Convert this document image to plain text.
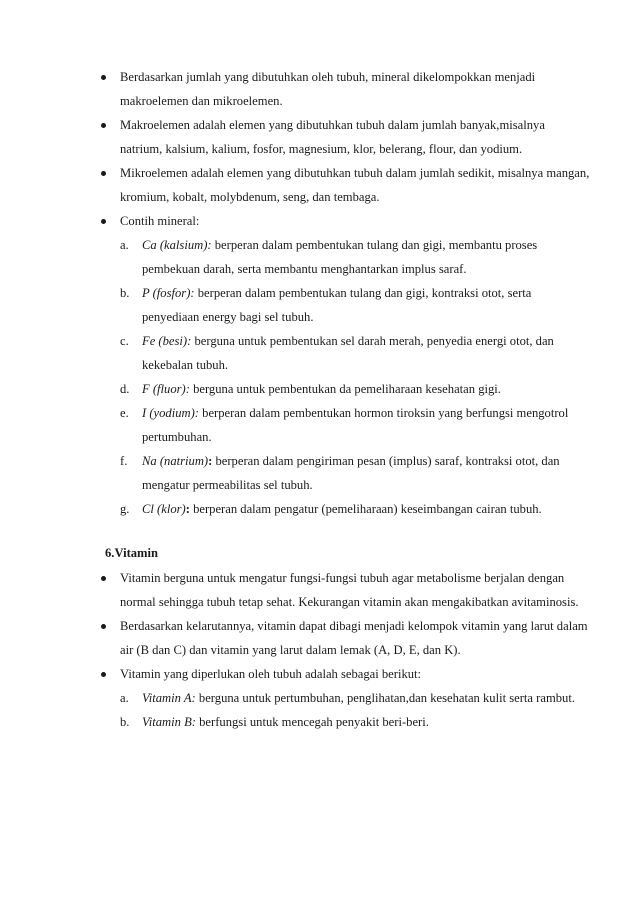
Berdasarkan jumlah yang dibutuhkan oleh tubuh, mineral dikelompokkan menjadi makroelemen dan mikroelemen.
Makroelemen adalah elemen yang dibutuhkan tubuh dalam jumlah banyak,misalnya natrium, kalsium, kalium, fosfor, magnesium, klor, belerang, flour, dan yodium.
Mikroelemen adalah elemen yang dibutuhkan tubuh dalam jumlah sedikit, misalnya mangan, kromium, kobalt, molybdenum, seng, dan tembaga.
Contih mineral:
a. Ca (kalsium): berperan dalam pembentukan tulang dan gigi, membantu proses pembekuan darah, serta membantu menghantarkan implus saraf.
b. P (fosfor): berperan dalam pembentukan tulang dan gigi, kontraksi otot, serta penyediaan energy bagi sel tubuh.
c. Fe (besi): berguna untuk pembentukan sel darah merah, penyedia energi otot, dan kekebalan tubuh.
d. F (fluor): berguna untuk pembentukan da pemeliharaan kesehatan gigi.
e. I (yodium): berperan dalam pembentukan hormon tiroksin yang berfungsi mengotrol pertumbuhan.
f. Na (natrium): berperan dalam pengiriman pesan (implus) saraf, kontraksi otot, dan mengatur permeabilitas sel tubuh.
g. Cl (klor): berperan dalam pengatur (pemeliharaan) keseimbangan cairan tubuh.
6.Vitamin
Vitamin berguna untuk mengatur fungsi-fungsi tubuh agar metabolisme berjalan dengan normal sehingga tubuh tetap sehat. Kekurangan vitamin akan mengakibatkan avitaminosis.
Berdasarkan kelarutannya, vitamin dapat dibagi menjadi kelompok vitamin yang larut dalam air (B dan C) dan vitamin yang larut dalam lemak (A, D, E, dan K).
Vitamin yang diperlukan oleh tubuh adalah sebagai berikut:
a. Vitamin A: berguna untuk pertumbuhan, penglihatan,dan kesehatan kulit serta rambut.
b. Vitamin B: berfungsi untuk mencegah penyakit beri-beri.
